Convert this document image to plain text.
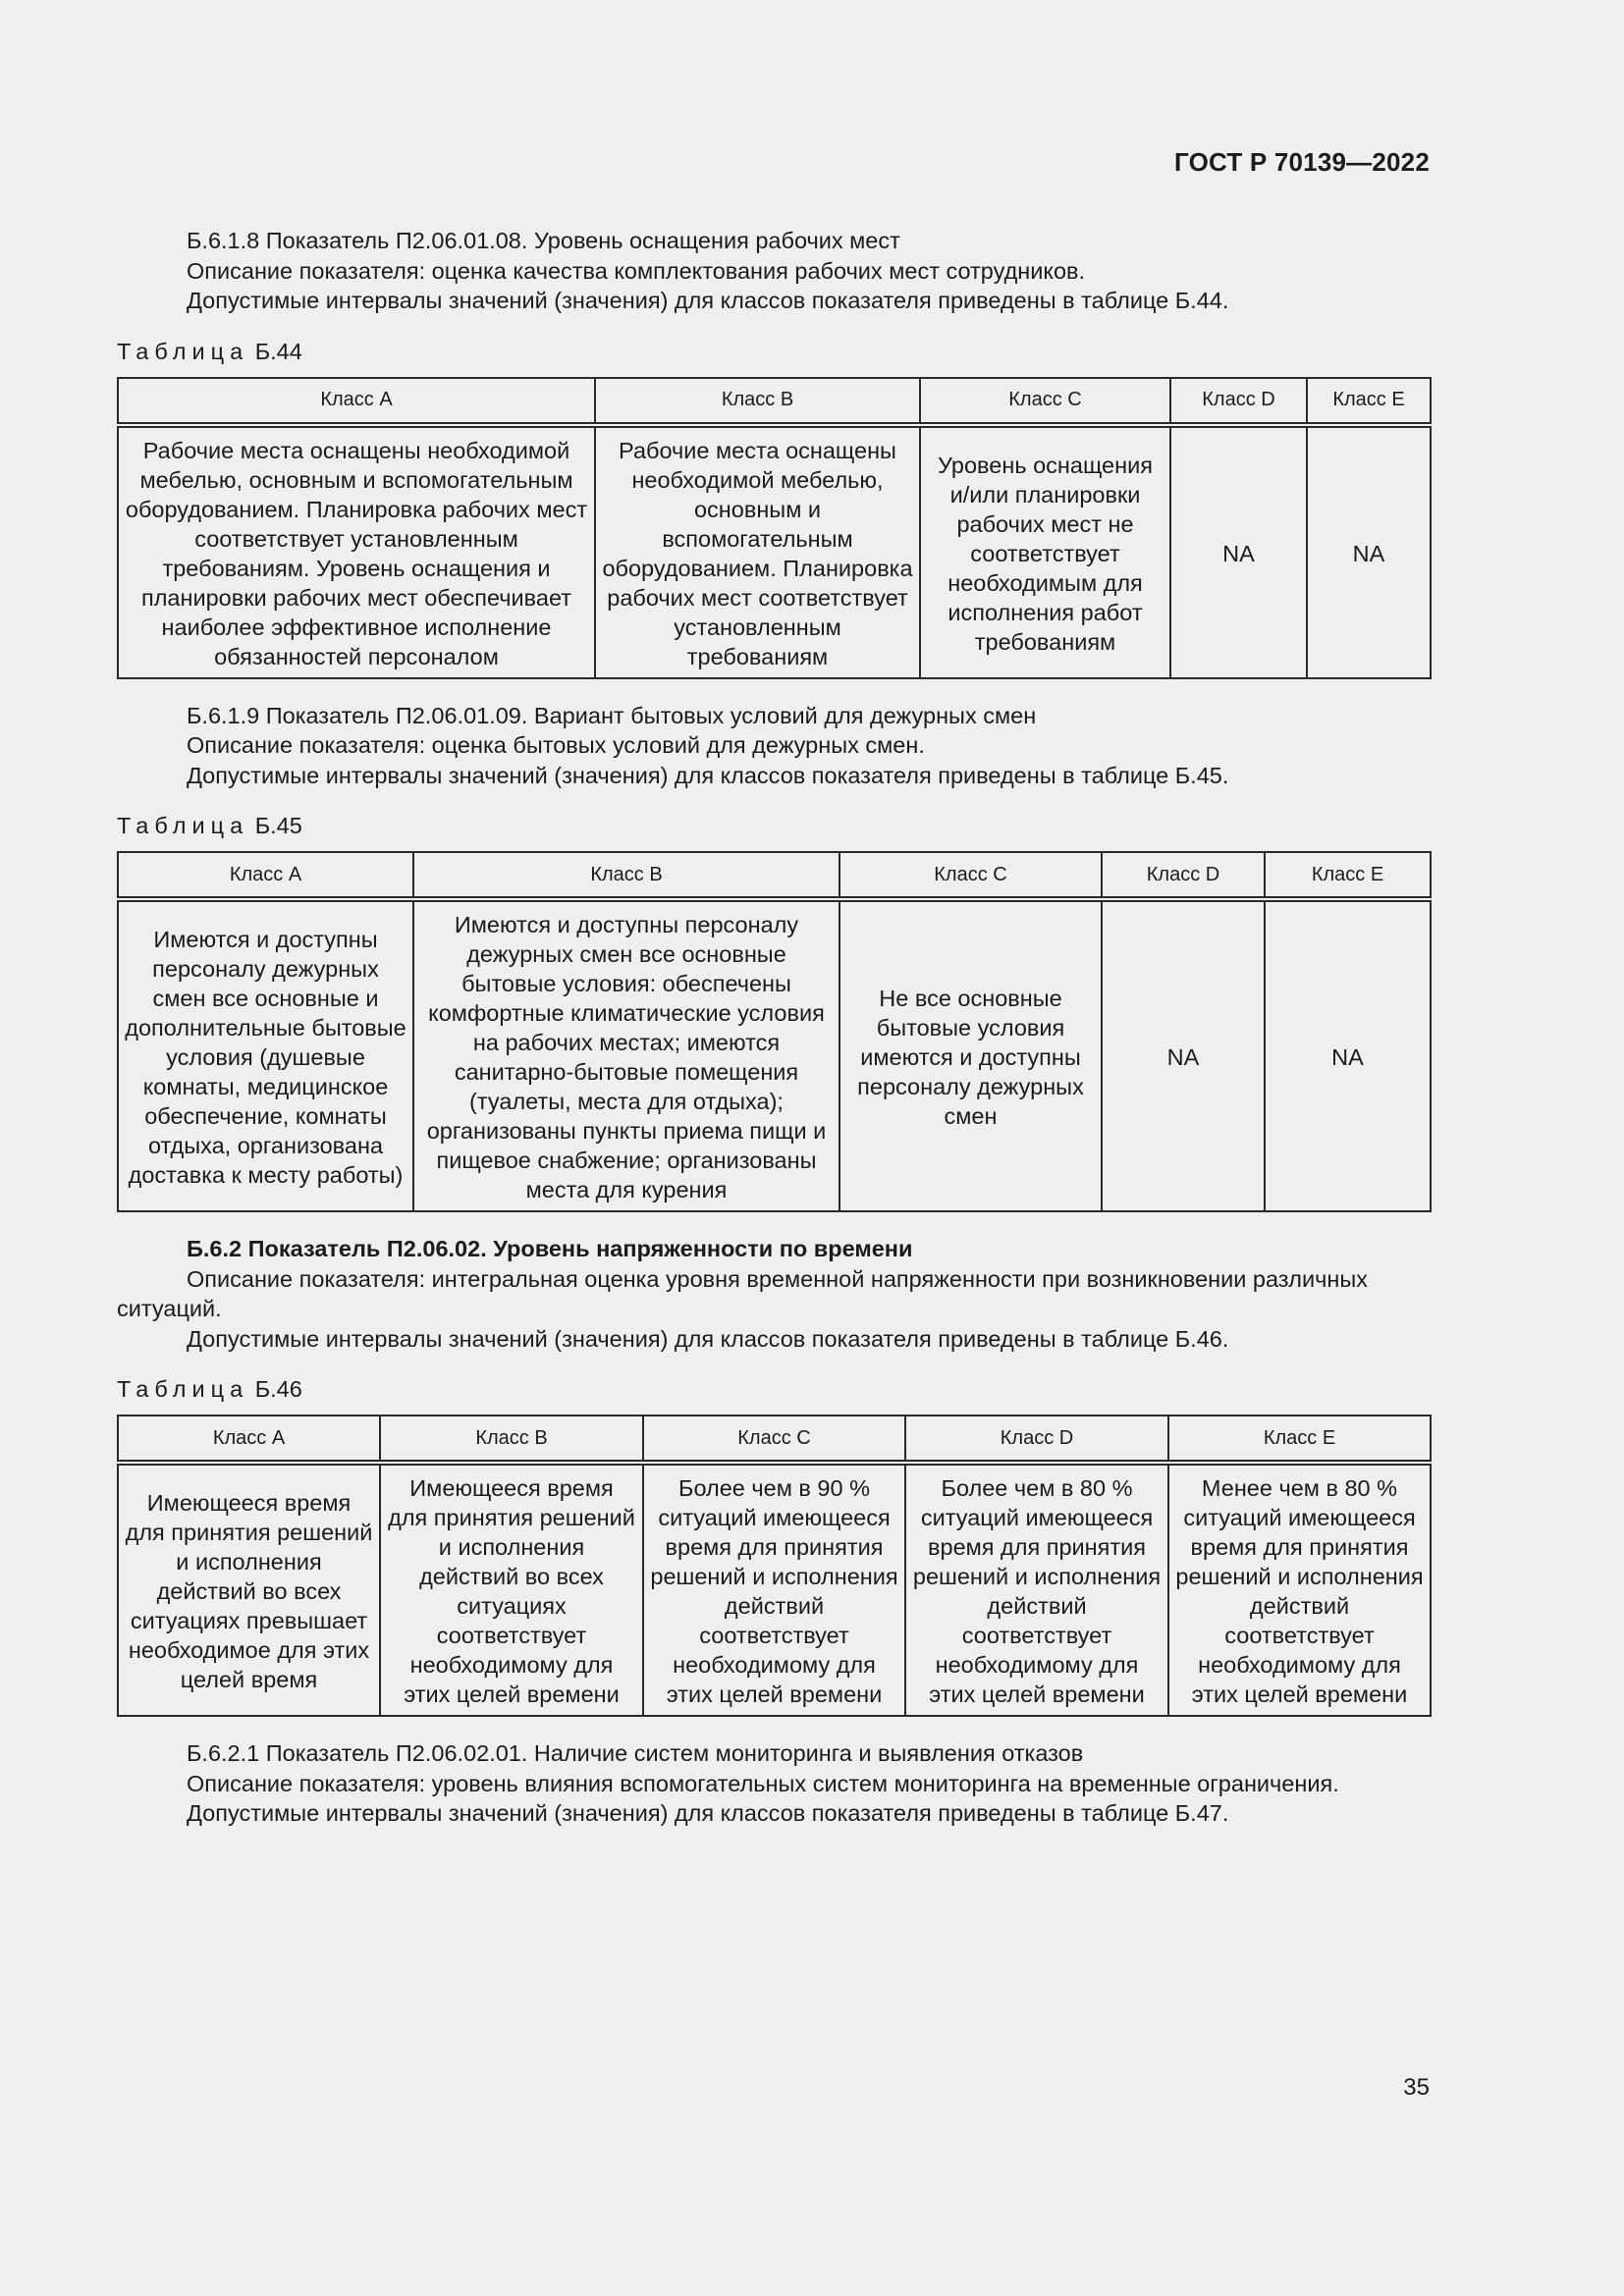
ГОСТ Р 70139—2022

Б.6.1.8 Показатель П2.06.01.08. Уровень оснащения рабочих мест

Описание показателя: оценка качества комплектования рабочих мест сотрудников.

Допустимые интервалы значений (значения) для классов показателя приведены в таблице Б.44.

Таблица Б.44
Класс A	Класс B	Класс C	Класс D	Класс E
Рабочие места оснащены необходимой мебелью, основным и вспомогательным оборудованием. Планировка рабочих мест соответствует установленным требованиям. Уровень оснащения и планировки рабочих мест обеспечивает наиболее эффективное исполнение обязанностей персоналом	Рабочие места оснащены необходимой мебелью, основным и вспомогательным оборудованием. Планировка рабочих мест соответствует установленным требованиям	Уровень оснащения и/или планировки рабочих мест не соответствует необходимым для исполнения работ требованиям	NA	NA

Б.6.1.9 Показатель П2.06.01.09. Вариант бытовых условий для дежурных смен

Описание показателя: оценка бытовых условий для дежурных смен.

Допустимые интервалы значений (значения) для классов показателя приведены в таблице Б.45.

Таблица Б.45
Класс A	Класс B	Класс C	Класс D	Класс E
Имеются и доступны персоналу дежурных смен все основные и дополнительные бытовые условия (душевые комнаты, медицинское обеспечение, комнаты отдыха, организована доставка к месту работы)	Имеются и доступны персоналу дежурных смен все основные бытовые условия: обеспечены комфортные климатические условия на рабочих местах; имеются санитарно-бытовые помещения (туалеты, места для отдыха); организованы пункты приема пищи и пищевое снабжение; организованы места для курения	Не все основные бытовые условия имеются и доступны персоналу дежурных смен	NA	NA

Б.6.2 Показатель П2.06.02. Уровень напряженности по времени

Описание показателя: интегральная оценка уровня временной напряженности при возникновении различных ситуаций.

Допустимые интервалы значений (значения) для классов показателя приведены в таблице Б.46.

Таблица Б.46
Класс A	Класс B	Класс C	Класс D	Класс E
Имеющееся время для принятия решений и исполнения действий во всех ситуациях превышает необходимое для этих целей время	Имеющееся время для принятия решений и исполнения действий во всех ситуациях соответствует необходимому для этих целей времени	Более чем в 90 % ситуаций имеющееся время для принятия решений и исполнения действий соответствует необходимому для этих целей времени	Более чем в 80 % ситуаций имеющееся время для принятия решений и исполнения действий соответствует необходимому для этих целей времени	Менее чем в 80 % ситуаций имеющееся время для принятия решений и исполнения действий соответствует необходимому для этих целей времени

Б.6.2.1 Показатель П2.06.02.01. Наличие систем мониторинга и выявления отказов

Описание показателя: уровень влияния вспомогательных систем мониторинга на временные ограничения.

Допустимые интервалы значений (значения) для классов показателя приведены в таблице Б.47.

35
